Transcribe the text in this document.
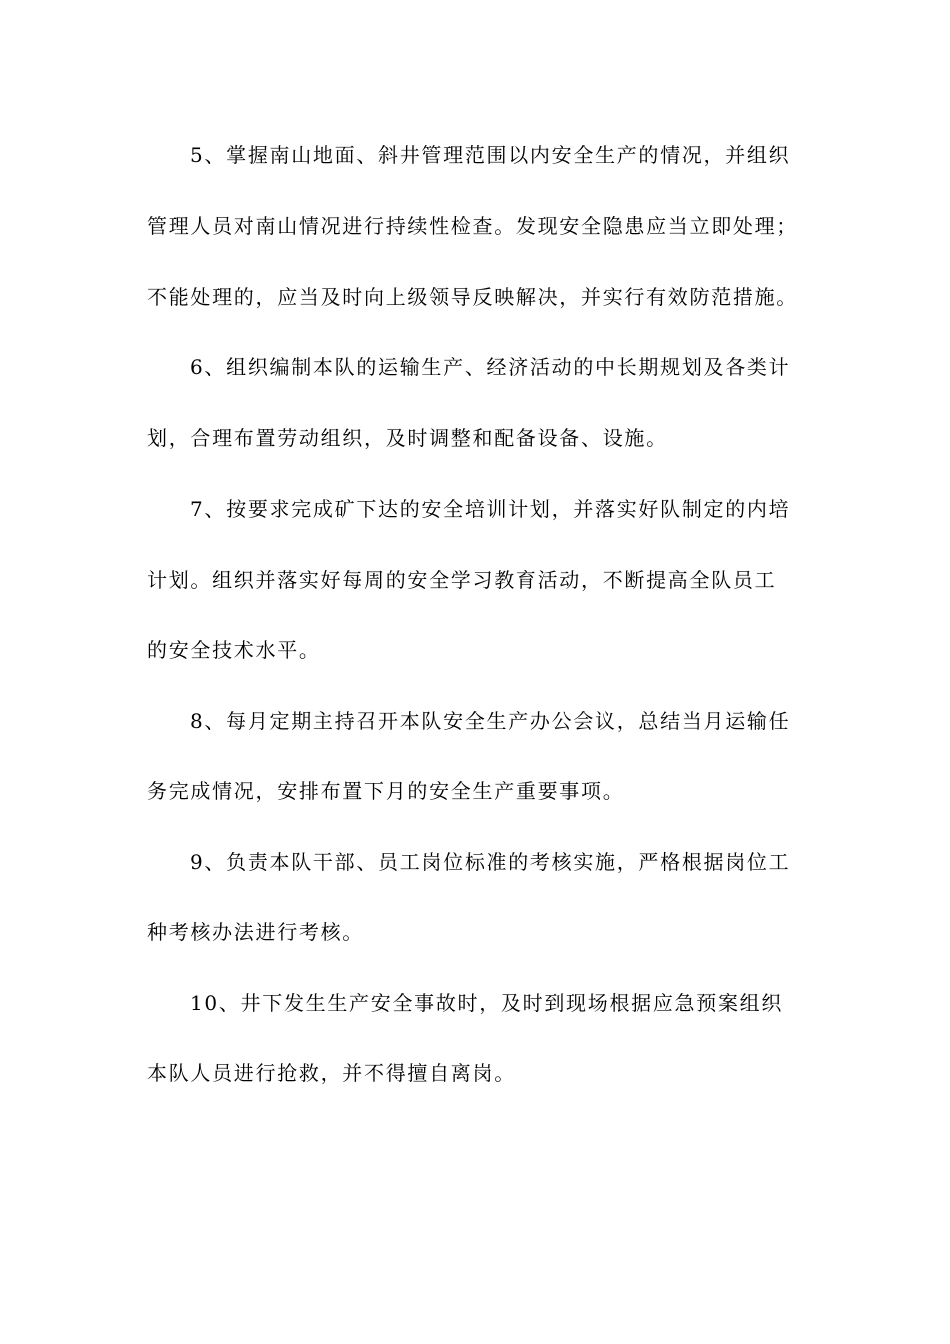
5、掌握南山地面、斜井管理范围以内安全生产的情况，并组织
管理人员对南山情况进行持续性检查。发现安全隐患应当立即处理；
不能处理的，应当及时向上级领导反映解决，并实行有效防范措施。
6、组织编制本队的运输生产、经济活动的中长期规划及各类计
划，合理布置劳动组织，及时调整和配备设备、设施。
7、按要求完成矿下达的安全培训计划，并落实好队制定的内培
计划。组织并落实好每周的安全学习教育活动，不断提高全队员工
的安全技术水平。
8、每月定期主持召开本队安全生产办公会议，总结当月运输任
务完成情况，安排布置下月的安全生产重要事项。
9、负责本队干部、员工岗位标准的考核实施，严格根据岗位工
种考核办法进行考核。
10、井下发生生产安全事故时，及时到现场根据应急预案组织
本队人员进行抢救，并不得擅自离岗。
